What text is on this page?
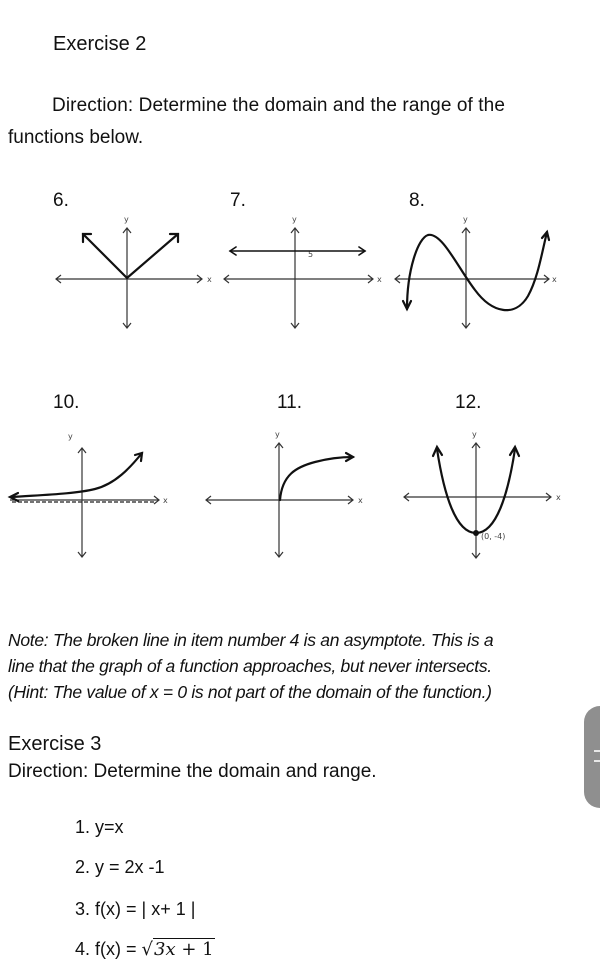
Exercise 2
Direction: Determine the domain and the range of the
functions below.
6.	7.	8.
10.	11.	12.
y
x
y
x
5
y
x
y
x
y
x
y
x
(0, -4)
Note: The broken line in item number 4 is an asymptote. This is a
line that the graph of a function approaches, but never intersects.
(Hint: The value of x = 0 is not part of the domain of the function.)
Exercise 3
Direction: Determine the domain and range.
1. y=x
2. y = 2x -1
3. f(x) = | x+ 1 |
4. f(x) = √3x + 1
